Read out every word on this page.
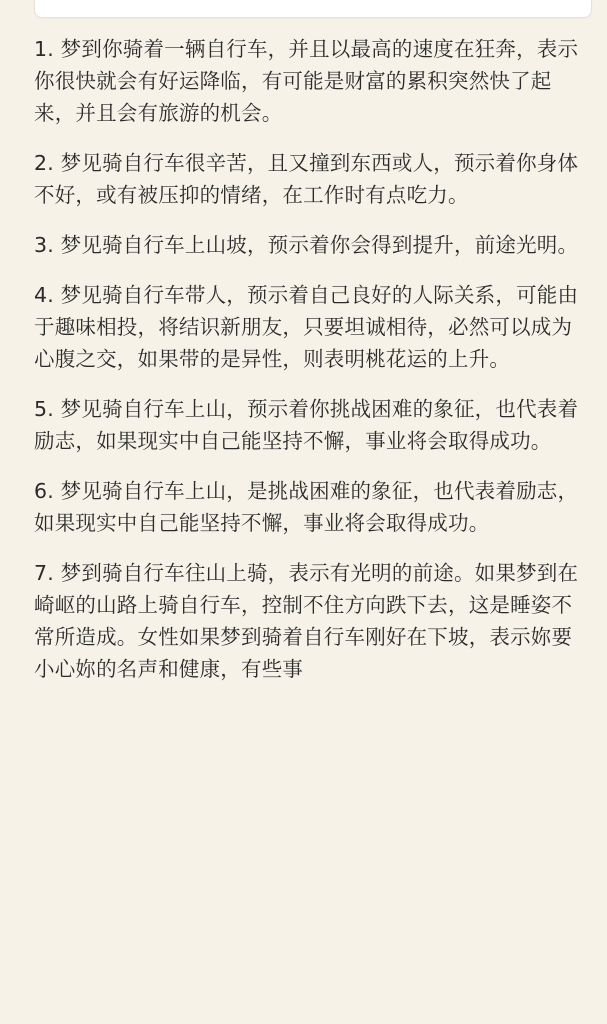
1. 梦到你骑着一辆自行车，并且以最高的速度在狂奔，表示你很快就会有好运降临，有可能是财富的累积突然快了起来，并且会有旅游的机会。

2. 梦见骑自行车很辛苦，且又撞到东西或人，预示着你身体不好，或有被压抑的情绪，在工作时有点吃力。

3. 梦见骑自行车上山坡，预示着你会得到提升，前途光明。

4. 梦见骑自行车带人，预示着自己良好的人际关系，可能由于趣味相投，将结识新朋友，只要坦诚相待，必然可以成为心腹之交，如果带的是异性，则表明桃花运的上升。

5. 梦见骑自行车上山，预示着你挑战困难的象征，也代表着励志，如果现实中自己能坚持不懈，事业将会取得成功。

6. 梦见骑自行车上山，是挑战困难的象征，也代表着励志，如果现实中自己能坚持不懈，事业将会取得成功。

7. 梦到骑自行车往山上骑，表示有光明的前途。如果梦到在崎岖的山路上骑自行车，控制不住方向跌下去，这是睡姿不常所造成。女性如果梦到骑着自行车刚好在下坡，表示妳要小心妳的名声和健康，有些事
